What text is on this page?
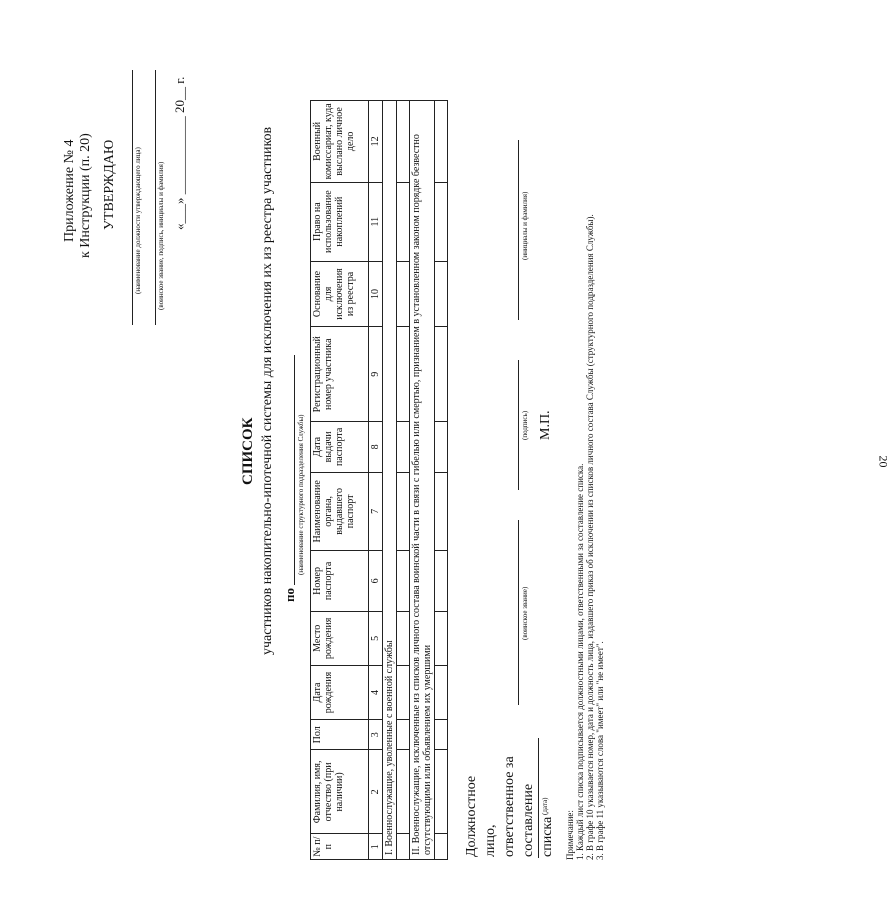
20
Приложение № 4 к Инструкции (п. 20) УТВЕРЖДАЮ (наименование должности утверждающего лица) (воинское звание, подпись, инициалы и фамилия)
«___» ____________ 20__ г.
СПИСОК участников накопительно-ипотечной системы для исключения их из реестра участников по
(наименование структурного подразделения Службы)
№ п/п	Фамилия, имя, отчество (при наличии)	Пол	Дата рождения	Место рождения	Номер паспорта	Наименование органа, выдавшего паспорт	Дата выдачи паспорта	Регистрационный номер участника	Основание для исключения из реестра	Право на использование накоплений	Военный комиссариат, куда выслано личное дело
1	2	3	4	5	6	7	8	9	10	11	12
I. Военнослужащие, уволенные с военной службы											

II. Военнослужащие, исключенные из списков личного состава воинской части в связи с гибелью или смертью, признанием в установленном законом порядке безвестно отсутствующими или объявлением их умершими											
											Должностное лицо, ответственное за составление списка
(воинское звание)
(подпись)
(инициалы и фамилия)
(дата)
М.П.
Примечание: 1. Каждый лист списка подписывается должностными лицами, ответственными за составление списка. 2. В графе 10 указывается номер, дата и должность лица, издавшего приказ об исключении из списков личного состава Службы (структурного подразделения Службы). 3. В графе 11 указываются слова "имеет" или "не имеет".
